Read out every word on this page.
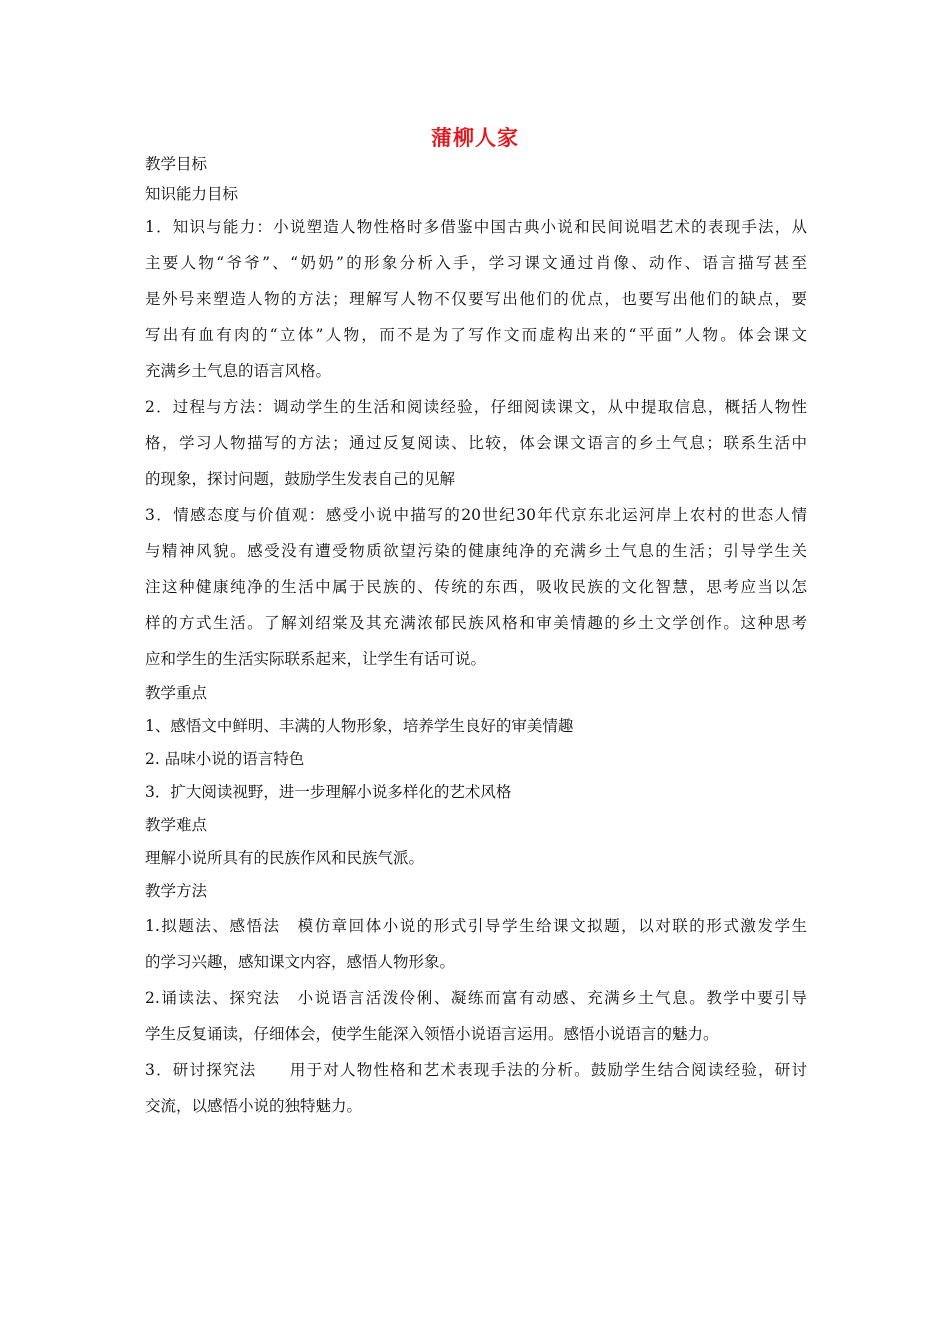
蒲柳人家
教学目标
知识能力目标
1．知识与能力：小说塑造人物性格时多借鉴中国古典小说和民间说唱艺术的表现手法，从
主要人物“爷爷”、“奶奶”的形象分析入手，学习课文通过肖像、动作、语言描写甚至
是外号来塑造人物的方法；理解写人物不仅要写出他们的优点，也要写出他们的缺点，要
写出有血有肉的“立体”人物，而不是为了写作文而虚构出来的“平面”人物。体会课文
充满乡土气息的语言风格。
2．过程与方法：调动学生的生活和阅读经验，仔细阅读课文，从中提取信息，概括人物性
格，学习人物描写的方法；通过反复阅读、比较，体会课文语言的乡土气息；联系生活中
的现象，探讨问题，鼓励学生发表自己的见解
3．情感态度与价值观：感受小说中描写的20世纪30年代京东北运河岸上农村的世态人情
与精神风貌。感受没有遭受物质欲望污染的健康纯净的充满乡土气息的生活；引导学生关
注这种健康纯净的生活中属于民族的、传统的东西，吸收民族的文化智慧，思考应当以怎
样的方式生活。了解刘绍棠及其充满浓郁民族风格和审美情趣的乡土文学创作。这种思考
应和学生的生活实际联系起来，让学生有话可说。
教学重点
1、感悟文中鲜明、丰满的人物形象，培养学生良好的审美情趣
2. 品味小说的语言特色
3．扩大阅读视野，进一步理解小说多样化的艺术风格
教学难点
理解小说所具有的民族作风和民族气派。
教学方法
1.拟题法、感悟法　模仿章回体小说的形式引导学生给课文拟题，以对联的形式激发学生
的学习兴趣，感知课文内容，感悟人物形象。
2.诵读法、探究法　小说语言活泼伶俐、凝练而富有动感、充满乡土气息。教学中要引导
学生反复诵读，仔细体会，使学生能深入领悟小说语言运用。感悟小说语言的魅力。
3．研讨探究法　　用于对人物性格和艺术表现手法的分析。鼓励学生结合阅读经验，研讨
交流，以感悟小说的独特魅力。
